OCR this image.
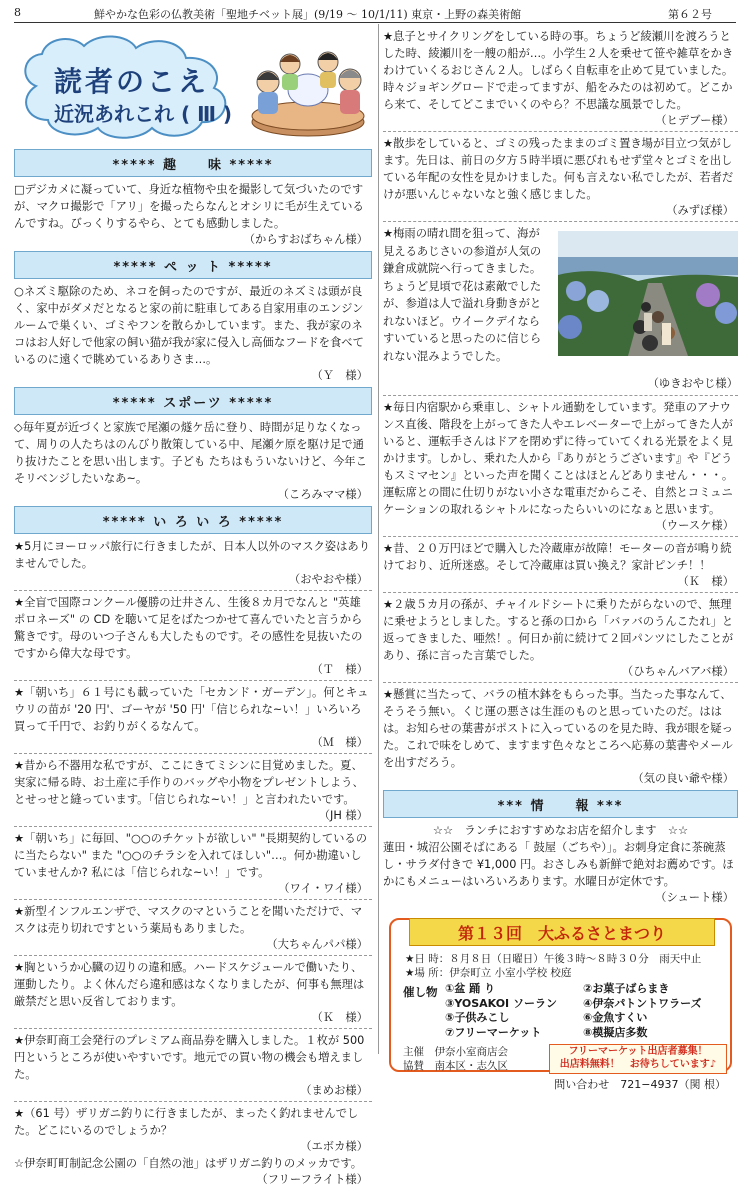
8	鮮やかな色彩の仏教美術「聖地チベット展」(9/19 〜 10/1/11) 東京・上野の森美術館	第６２号
読者のこえ
近況あれこれ ( Ⅲ )
***** 趣　　味 *****

□デジカメに凝っていて、身近な植物や虫を撮影して気づいたのですが、マクロ撮影で「アリ」を撮ったらなんとオシリに毛が生えているんですね。びっくりするやら、とても感動しました。

（からすおばちゃん様）
***** ペ ッ ト *****

○ネズミ駆除のため、ネコを飼ったのですが、最近のネズミは頭が良く、家中がダメだとなると家の前に駐車してある自家用車のエンジンルームで巣くい、ゴミやフンを散らかしています。また、我が家のネコはお人好しで他家の飼い猫が我が家に侵入し高価なフードを食べているのに遠くで眺めているありさま…。

（Ｙ　様）
***** スポーツ *****

◇毎年夏が近づくと家族で尾瀬の燧ケ岳に登り、時間が足りなくなって、周りの人たちはのんびり散策している中、尾瀬ケ原を駆け足で通り抜けたことを思い出します。子ども たちはもういないけど、今年こそリベンジしたいなあ~。

（ころみママ様）
***** い ろ い ろ *****

★5月にヨーロッパ旅行に行きましたが、日本人以外のマスク姿はありませんでした。

（おやおや様）

★全盲で国際コンクール優勝の辻井さん、生後８カ月でなんと "英雄ポロネーズ" の CD を聴いて足をばたつかせて喜んでいたと言うから驚きです。母のいつ子さんも大したものです。その感性を見抜いたのですから偉大な母です。

（Ｔ　様）

★「朝いち」６１号にも載っていた「セカンド・ガーデン」。何とキュウリの苗が '20 円'、ゴーヤが '50 円'「信じられな~い！」いろいろ買って千円で、お釣りがくるなんて。

（Ｍ　様）

★昔から不器用な私ですが、ここにきてミシンに目覚めました。夏、実家に帰る時、お土産に手作りのバッグや小物をプレゼントしよう、とせっせと縫っています。「信じられな~い！」と言われたいです。

（JH 様）

★「朝いち」に毎回、"○○のチケットが欲しい" "長期契約しているのに当たらない" また "○○のチラシを入れてほしい"…。何か勘違いしていませんか? 私には「信じられな~い！」です。

（ワイ・ワイ様）

★新型インフルエンザで、マスクのマということを聞いただけで、マスクは売り切れですという薬局もありました。

（大ちゃんパパ様）

★胸というか心臓の辺りの違和感。ハードスケジュールで働いたり、運動したり。よく休んだら違和感はなくなりましたが、何事も無理は厳禁だと思い反省しております。

（Ｋ　様）

★伊奈町商工会発行のプレミアム商品券を購入しました。１枚が 500 円というところが使いやすいです。地元での買い物の機会も増えました。

（まめお様）

★（61 号）ザリガニ釣りに行きましたが、まったく釣れませんでした。どこにいるのでしょうか？

（エボカ様）

☆伊奈町町制記念公園の「自然の池」はザリガニ釣りのメッカです。

（フリーフライト様）

★息子とサイクリングをしている時の事。ちょうど綾瀬川を渡ろうとした時、綾瀬川を一艘の船が…。小学生２人を乗せて笹や雑草をかきわけていくるおじさん２人。しばらく自転車を止めて見ていました。時々ジョギングロードで走ってますが、船をみたのは初めて。どこから来て、そしてどこまでいくのやら？不思議な風景でした。

（ヒデブー様）

★散歩をしていると、ゴミの残ったままのゴミ置き場が目立つ気がします。先日は、前日の夕方５時半頃に悪びれもせず堂々とゴミを出している年配の女性を見かけました。何も言えない私でしたが、若者だけが悪いんじゃないなと強く感じました。

（みずぽ様）

★梅雨の晴れ間を狙って、海が見えるあじさいの参道が人気の鎌倉成就院へ行ってきました。ちょうど見頃で花は素敵でしたが、参道は人で溢れ身動きがとれないほど。ウイークデイならすいていると思ったのに信じられない混みようでした。

（ゆきおやじ様）

★毎日内宿駅から乗車し、シャトル通勤をしています。発車のアナウンス直後、階段を上がってきた人やエレベーターで上がってきた人がいると、運転手さんはドアを閉めずに待っていてくれる光景をよく見かけます。しかし、乗れた人から『ありがとうございます』や『どうもスミマセン』といった声を聞くことはほとんどありません・・・。運転席との間に仕切りがない小さな電車だからこそ、自然とコミュニケーションの取れるシャトルになったらいいのになぁと思います。

（ウースケ様）

★昔、２０万円ほどで購入した冷蔵庫が故障！モーターの音が鳴り続けており、近所迷惑。そして冷蔵庫は買い換え？家計ピンチ！！

（Ｋ　様）

★２歳５カ月の孫が、チャイルドシートに乗りたがらないので、無理に乗せようとしました。すると孫の口から「バァバのうんこたれ」と返ってきました、唖然！。何日か前に続けて２回パンツにしたことがあり、孫に言った言葉でした。

（ひちゃんバアバ様）

★懸賞に当たって、バラの植木鉢をもらった事。当たった事なんて、そうそう無い。くじ運の悪さは生涯のものと思っていたのだ。ははは。お知らせの葉書がポストに入っているのを見た時、我が眼を疑った。これで味をしめて、ますます色々なところへ応募の葉書やメールを出すだろう。

（気の良い爺や様）
*** 情　　報 ***

☆☆　ランチにおすすめなお店を紹介します　☆☆

蓮田・城沼公園そばにある「 鼓屋（ごちや）」。お刺身定食に茶碗蒸し・サラダ付きで ¥1,000 円。おさしみも新鮮で絶対お薦めです。ほかにもメニューはいろいろあります。水曜日が定休です。

（シュート様）
第１３回　大ふるさとまつり
★日 時：８月８日（日曜日）午後３時〜８時３０分　雨天中止
★場 所：伊奈町立 小室小学校 校庭
催し物 ①盆 踊 り	②お菓子ばらまき
③YOSAKOI ソーラン	④伊奈パトントワラーズ
⑤子供みこし	⑥金魚すくい
⑦フリーマーケット	⑧模擬店多数
主催　伊奈小室商店会
協賛　南本区・志久区
フリーマーケット出店者募集！
出店料無料！　お待ちしています♪
問い合わせ　721−4937（関 根）
